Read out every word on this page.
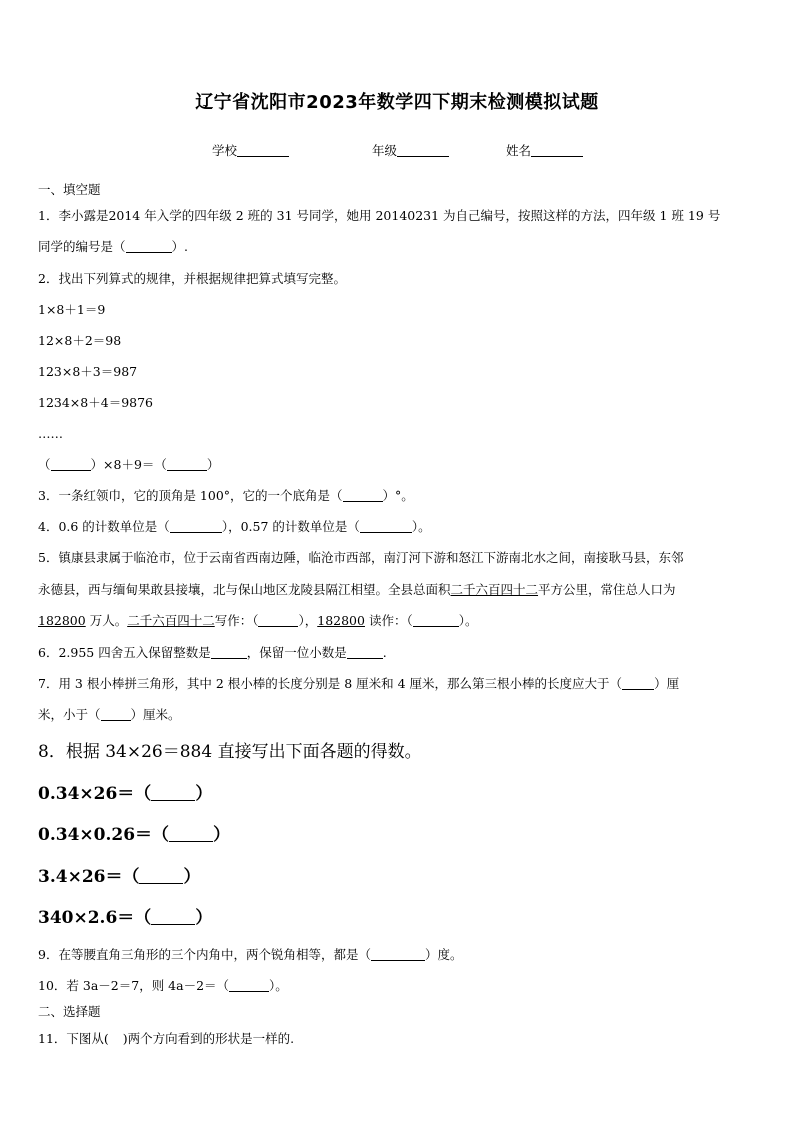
辽宁省沈阳市2023年数学四下期末检测模拟试题
学校	年级	姓名
一、填空题
1．李小露是2014 年入学的四年级 2 班的 31 号同学，她用 20140231 为自己编号，按照这样的方法，四年级 1 班 19 号
同学的编号是（	）.
2．找出下列算式的规律，并根据规律把算式填写完整。
1×8＋1＝9
12×8＋2＝98
123×8＋3＝987
1234×8＋4＝9876
……
（	）×8＋9＝（	）
3．一条红领巾，它的顶角是 100°，它的一个底角是（	）°。
4．0.6 的计数单位是（	），0.57 的计数单位是（	）。
5．镇康县隶属于临沧市，位于云南省西南边陲，临沧市西部，南汀河下游和怒江下游南北水之间，南接耿马县，东邻
永德县，西与缅甸果敢县接壤，北与保山地区龙陵县隔江相望。全县总面积二千六百四十二平方公里，常住总人口为
182800 万人。二千六百四十二写作：（	），182800 读作：（	）。
6．2.955 四舍五入保留整数是	，保留一位小数是	.
7．用 3 根小棒拼三角形，其中 2 根小棒的长度分别是 8 厘米和 4 厘米，那么第三根小棒的长度应大于（	）厘
米，小于（ ）厘米。
8．根据 34×26＝884 直接写出下面各题的得数。
0.34×26＝（	）
0.34×0.26＝（	）
3.4×26＝（	）
340×2.6＝（	）
9．在等腰直角三角形的三个内角中，两个锐角相等，都是（	）度。
10．若 3a－2＝7，则 4a－2＝（	）。
二、选择题
11．下图从( )两个方向看到的形状是一样的.
